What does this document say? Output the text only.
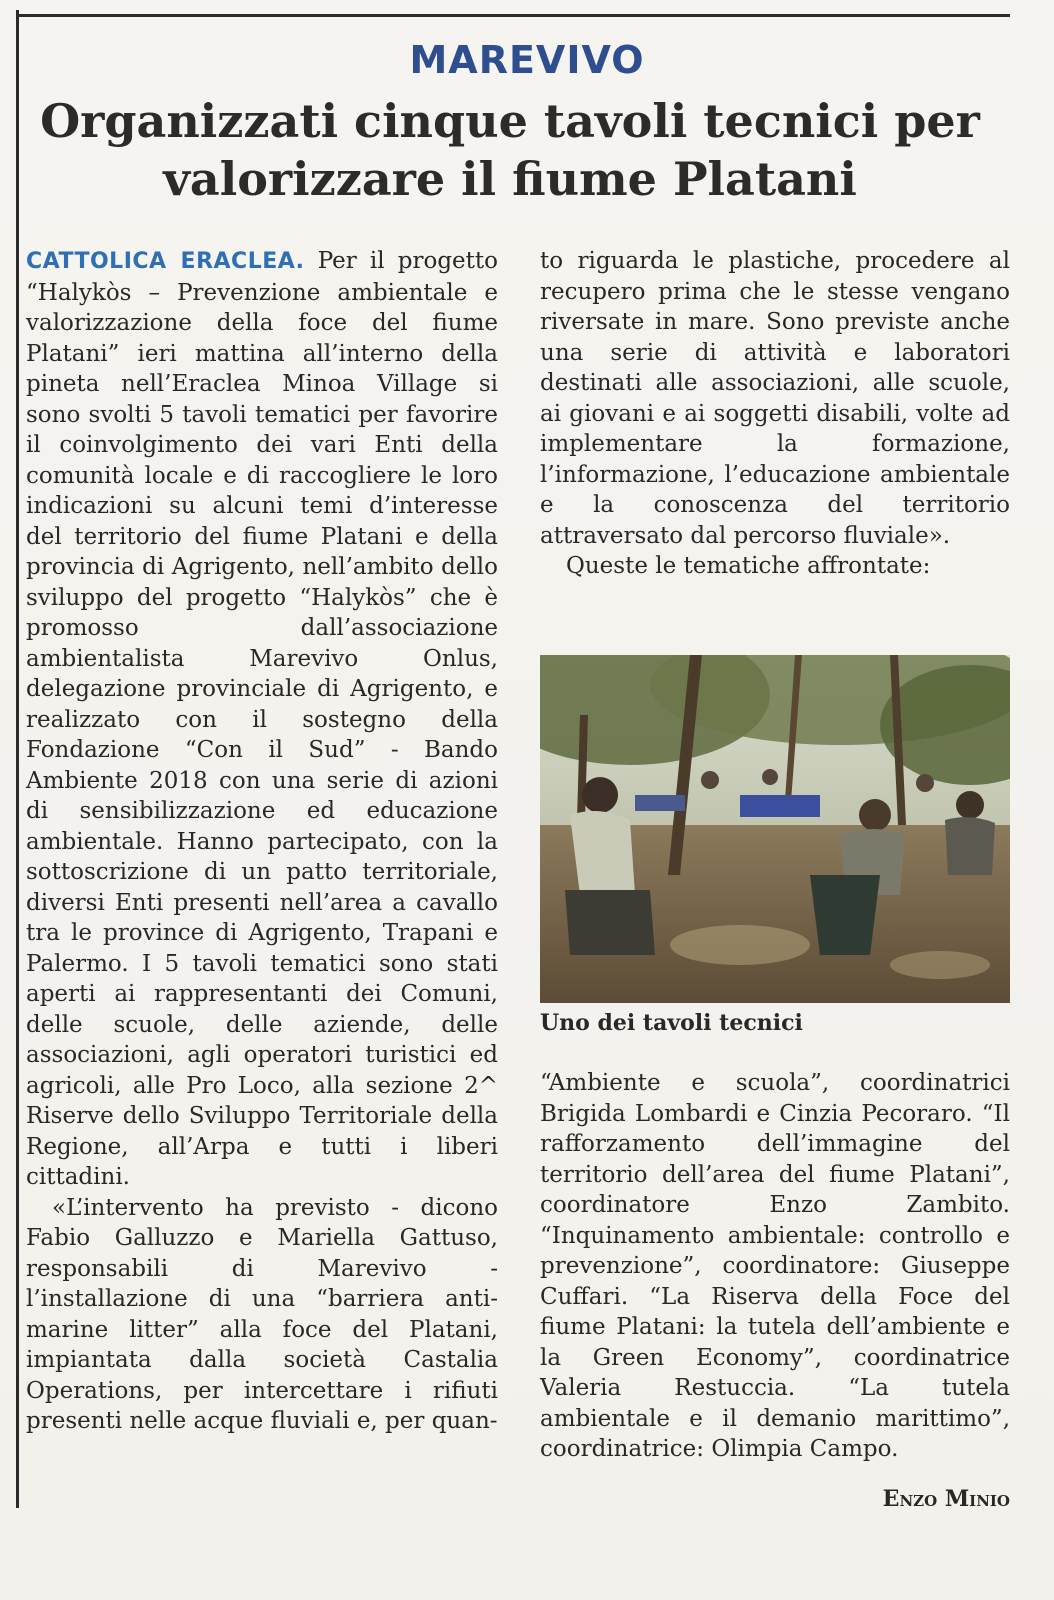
MAREVIVO
Organizzati cinque tavoli tecnici per valorizzare il fiume Platani

CATTOLICA ERACLEA. Per il progetto “Halykòs – Prevenzione ambientale e valorizzazione della foce del fiume Platani” ieri mattina all’interno della pineta nell’Eraclea Minoa Village si sono svolti 5 tavoli tematici per favorire il coinvolgimento dei vari Enti della comunità locale e di raccogliere le loro indicazioni su alcuni temi d’interesse del territorio del fiume Platani e della provincia di Agrigento, nell’ambito dello sviluppo del progetto “Halykòs” che è promosso dall’associazione ambientalista Marevivo Onlus, delegazione provinciale di Agrigento, e realizzato con il sostegno della Fondazione “Con il Sud” - Bando Ambiente 2018 con una serie di azioni di sensibilizzazione ed educazione ambientale. Hanno partecipato, con la sottoscrizione di un patto territoriale, diversi Enti presenti nell’area a cavallo tra le province di Agrigento, Trapani e Palermo. I 5 tavoli tematici sono stati aperti ai rappresentanti dei Comuni, delle scuole, delle aziende, delle associazioni, agli operatori turistici ed agricoli, alle Pro Loco, alla sezione 2^ Riserve dello Sviluppo Territoriale della Regione, all’Arpa e tutti i liberi cittadini.

«L’intervento ha previsto - dicono Fabio Galluzzo e Mariella Gattuso, responsabili di Marevivo - l’installazione di una “barriera anti-marine litter” alla foce del Platani, impiantata dalla società Castalia Operations, per intercettare i rifiuti presenti nelle acque fluviali e, per quan-

to riguarda le plastiche, procedere al recupero prima che le stesse vengano riversate in mare. Sono previste anche una serie di attività e laboratori destinati alle associazioni, alle scuole, ai giovani e ai soggetti disabili, volte ad implementare la formazione, l’informazione, l’educazione ambientale e la conoscenza del territorio attraversato dal percorso fluviale».

Queste le tematiche affrontate:

Uno dei tavoli tecnici

“Ambiente e scuola”, coordinatrici Brigida Lombardi e Cinzia Pecoraro. “Il rafforzamento dell’immagine del territorio dell’area del fiume Platani”, coordinatore Enzo Zambito. “Inquinamento ambientale: controllo e prevenzione”, coordinatore: Giuseppe Cuffari. “La Riserva della Foce del fiume Platani: la tutela dell’ambiente e la Green Economy”, coordinatrice Valeria Restuccia. “La tutela ambientale e il demanio marittimo”, coordinatrice: Olimpia Campo.

Enzo Minio
